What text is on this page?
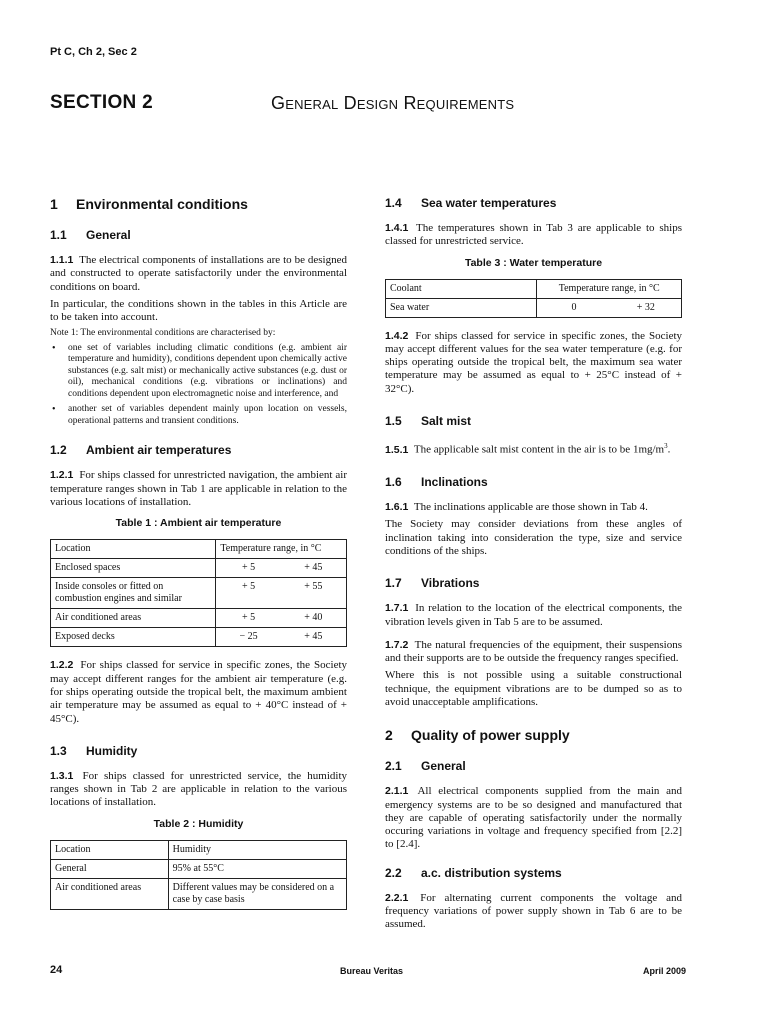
Pt C, Ch 2, Sec 2
SECTION 2	General Design Requirements
1 Environmental conditions
1.1 General

1.1.1 The electrical components of installations are to be designed and constructed to operate satisfactorily under the environmental conditions on board.

In particular, the conditions shown in the tables in this Article are to be taken into account.

Note 1: The environmental conditions are characterised by:

• one set of variables including climatic conditions (e.g. ambient air temperature and humidity), conditions dependent upon chemically active substances (e.g. salt mist) or mechanically active substances (e.g. dust or oil), mechanical conditions (e.g. vibrations or inclinations) and conditions dependent upon electromagnetic noise and interference, and
• another set of variables dependent mainly upon location on vessels, operational patterns and transient conditions.
1.2 Ambient air temperatures

1.2.1 For ships classed for unrestricted navigation, the ambient air temperature ranges shown in Tab 1 are applicable in relation to the various locations of installation.

Table 1 : Ambient air temperature
Location	Temperature range, in °C	
Enclosed spaces	+ 5	+ 45
Inside consoles or fitted on combustion engines and similar	+ 5	+ 55
Air conditioned areas	+ 5	+ 40
Exposed decks	− 25	+ 45

1.2.2 For ships classed for service in specific zones, the Society may accept different ranges for the ambient air temperature (e.g. for ships operating outside the tropical belt, the maximum ambient air temperature may be assumed as equal to + 40°C instead of + 45°C).

1.3 Humidity

1.3.1 For ships classed for unrestricted service, the humidity ranges shown in Tab 2 are applicable in relation to the various locations of installation.

Table 2 : Humidity
Location	Humidity
General	95% at 55°C
Air conditioned areas	Different values may be considered on a case by case basis
1.4 Sea water temperatures

1.4.1 The temperatures shown in Tab 3 are applicable to ships classed for unrestricted service.

Table 3 : Water temperature
Coolant	Temperature range, in °C	
Sea water	0	+ 32

1.4.2 For ships classed for service in specific zones, the Society may accept different values for the sea water temperature (e.g. for ships operating outside the tropical belt, the maximum sea water temperature may be assumed as equal to + 25°C instead of + 32°C).

1.5 Salt mist

1.5.1 The applicable salt mist content in the air is to be $1mg/m^3$.

1.6 Inclinations

1.6.1 The inclinations applicable are those shown in Tab 4.

The Society may consider deviations from these angles of inclination taking into consideration the type, size and service conditions of the ships.

1.7 Vibrations

1.7.1 In relation to the location of the electrical components, the vibration levels given in Tab 5 are to be assumed.

1.7.2 The natural frequencies of the equipment, their suspensions and their supports are to be outside the frequency ranges specified.

Where this is not possible using a suitable constructional technique, the equipment vibrations are to be dumped so as to avoid unacceptable amplifications.

2 Quality of power supply
2.1 General

2.1.1 All electrical components supplied from the main and emergency systems are to be so designed and manufactured that they are capable of operating satisfactorily under the normally occuring variations in voltage and frequency specified from [2.2] to [2.4].

2.2 a.c. distribution systems

2.2.1 For alternating current components the voltage and frequency variations of power supply shown in Tab 6 are to be assumed.

24	Bureau Veritas	April 2009
